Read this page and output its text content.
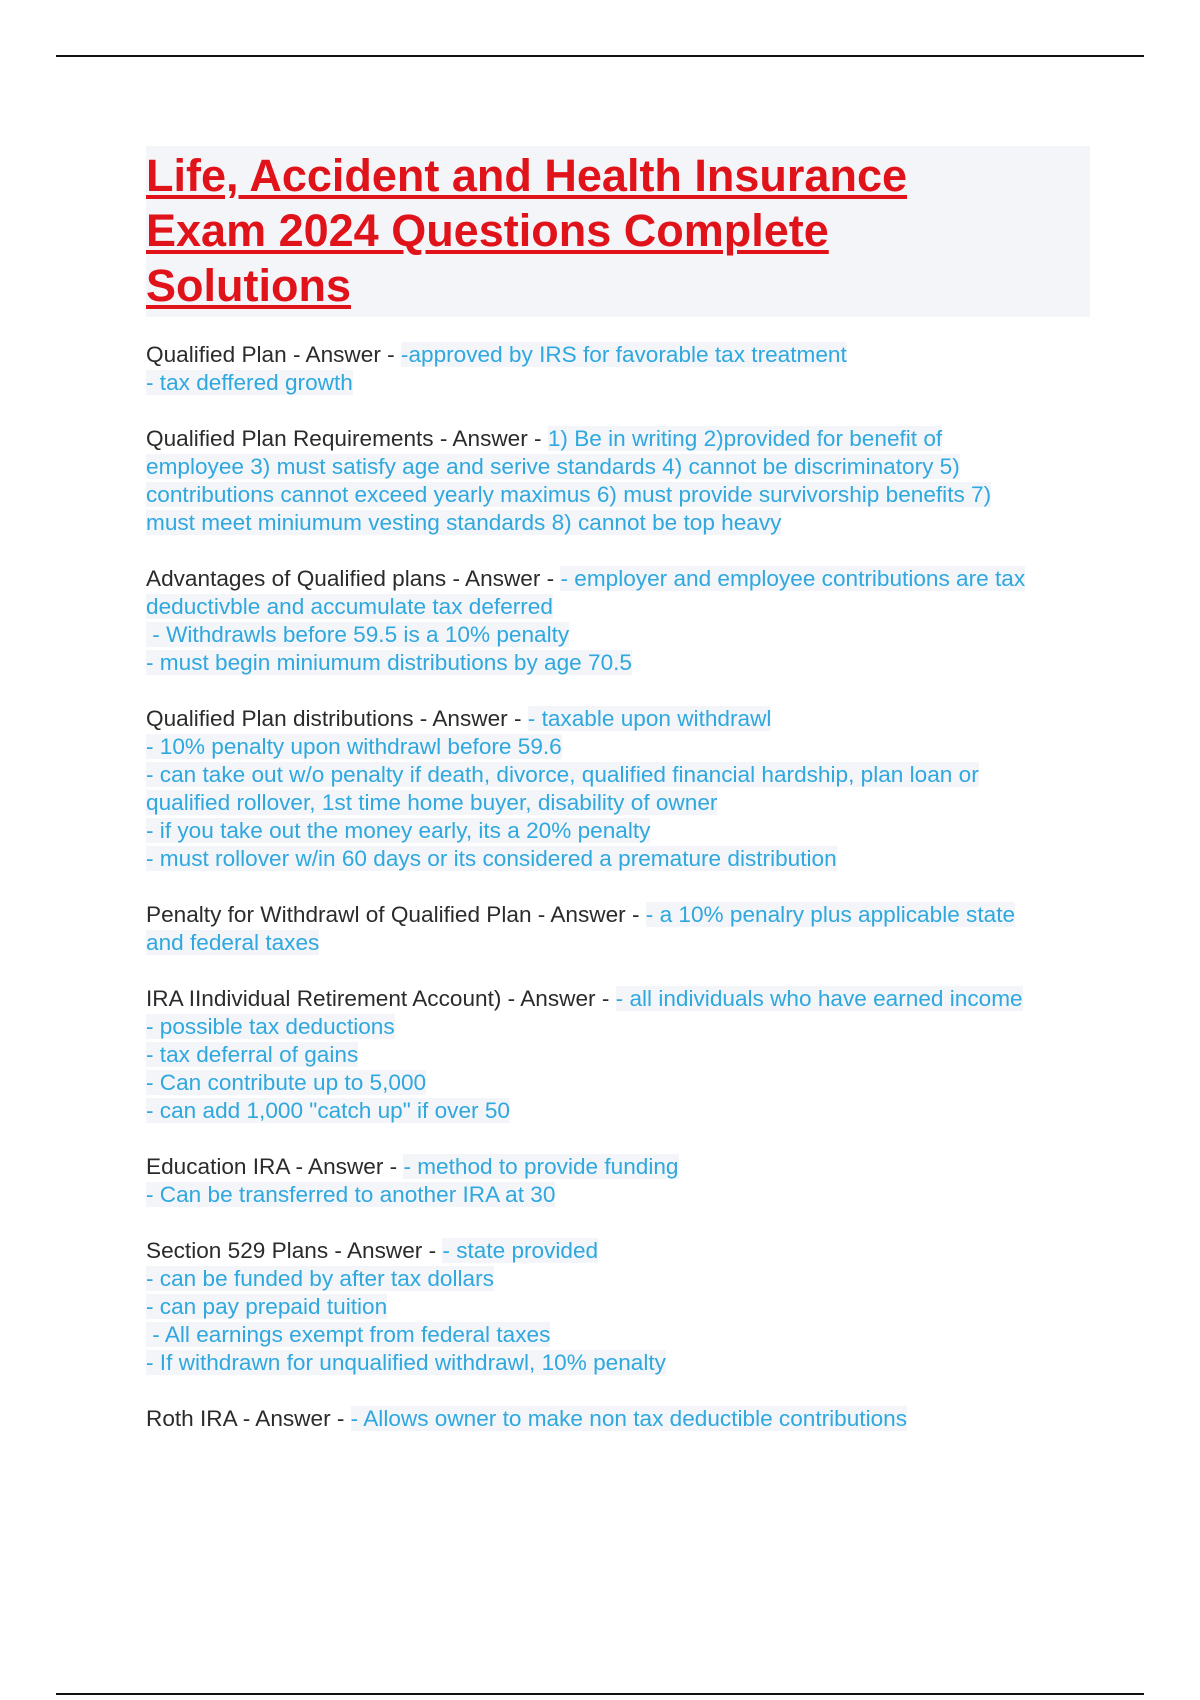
Life, Accident and Health Insurance
Exam 2024 Questions Complete
Solutions
Qualified Plan - Answer - -approved by IRS for favorable tax treatment
- tax deffered growth
Qualified Plan Requirements - Answer - 1) Be in writing 2)provided for benefit of
employee 3) must satisfy age and serive standards 4) cannot be discriminatory 5)
contributions cannot exceed yearly maximus 6) must provide survivorship benefits 7)
must meet miniumum vesting standards 8) cannot be top heavy
Advantages of Qualified plans - Answer - - employer and employee contributions are tax
deductivble and accumulate tax deferred
- Withdrawls before 59.5 is a 10% penalty
- must begin miniumum distributions by age 70.5
Qualified Plan distributions - Answer - - taxable upon withdrawl
- 10% penalty upon withdrawl before 59.6
- can take out w/o penalty if death, divorce, qualified financial hardship, plan loan or
qualified rollover, 1st time home buyer, disability of owner
- if you take out the money early, its a 20% penalty
- must rollover w/in 60 days or its considered a premature distribution
Penalty for Withdrawl of Qualified Plan - Answer - - a 10% penalry plus applicable state
and federal taxes
IRA IIndividual Retirement Account) - Answer - - all individuals who have earned income
- possible tax deductions
- tax deferral of gains
- Can contribute up to 5,000
- can add 1,000 "catch up" if over 50
Education IRA - Answer - - method to provide funding
- Can be transferred to another IRA at 30
Section 529 Plans - Answer - - state provided
- can be funded by after tax dollars
- can pay prepaid tuition
- All earnings exempt from federal taxes
- If withdrawn for unqualified withdrawl, 10% penalty
Roth IRA - Answer - - Allows owner to make non tax deductible contributions
